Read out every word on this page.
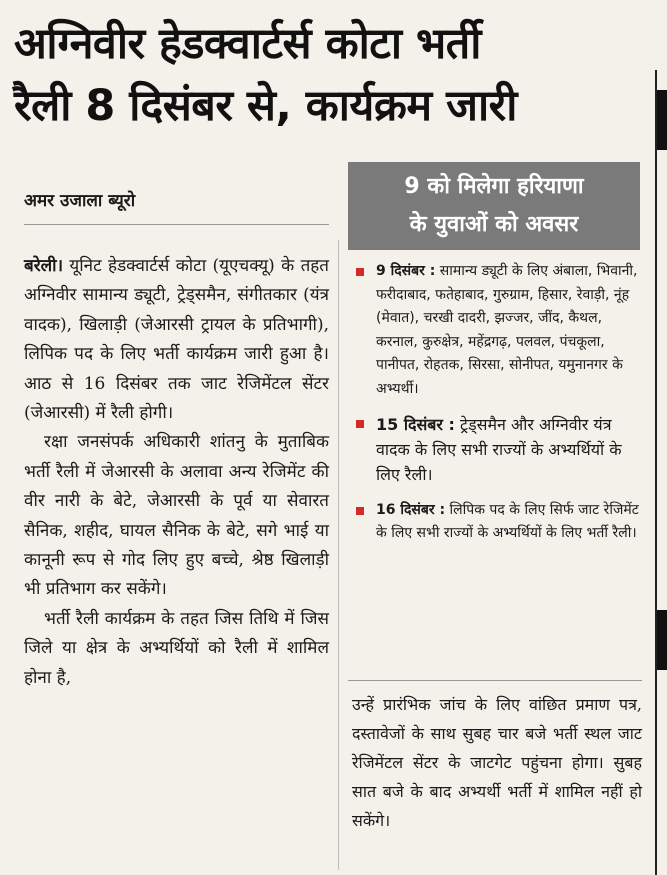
अग्निवीर हेडक्वार्टर्स कोटा भर्ती
रैली 8 दिसंबर से, कार्यक्रम जारी
अमर उजाला ब्यूरो

बरेली। यूनिट हेडक्वार्टर्स कोटा (यूएचक्यू) के तहत अग्निवीर सामान्य ड्यूटी, ट्रेड्समैन, संगीतकार (यंत्र वादक), खिलाड़ी (जेआरसी ट्रायल के प्रतिभागी), लिपिक पद के लिए भर्ती कार्यक्रम जारी हुआ है। आठ से 16 दिसंबर तक जाट रेजिमेंटल सेंटर (जेआरसी) में रैली होगी।

रक्षा जनसंपर्क अधिकारी शांतनु के मुताबिक भर्ती रैली में जेआरसी के अलावा अन्य रेजिमेंट की वीर नारी के बेटे, जेआरसी के पूर्व या सेवारत सैनिक, शहीद, घायल सैनिक के बेटे, सगे भाई या कानूनी रूप से गोद लिए हुए बच्चे, श्रेष्ठ खिलाड़ी भी प्रतिभाग कर सकेंगे।

भर्ती रैली कार्यक्रम के तहत जिस तिथि में जिस जिले या क्षेत्र के अभ्यर्थियों को रैली में शामिल होना है,

9 को मिलेगा हरियाणा
के युवाओं को अवसर
9 दिसंबर : सामान्य ड्यूटी के लिए अंबाला, भिवानी, फरीदाबाद, फतेहाबाद, गुरुग्राम, हिसार, रेवाड़ी, नूंह (मेवात), चरखी दादरी, झज्जर, जींद, कैथल, करनाल, कुरुक्षेत्र, महेंद्रगढ़, पलवल, पंचकूला, पानीपत, रोहतक, सिरसा, सोनीपत, यमुनानगर के अभ्यर्थी।
15 दिसंबर : ट्रेड्समैन और अग्निवीर यंत्र वादक के लिए सभी राज्यों के अभ्यर्थियों के लिए रैली।
16 दिसंबर : लिपिक पद के लिए सिर्फ जाट रेजिमेंट के लिए सभी राज्यों के अभ्यर्थियों के लिए भर्ती रैली।
उन्हें प्रारंभिक जांच के लिए वांछित प्रमाण पत्र, दस्तावेजों के साथ सुबह चार बजे भर्ती स्थल जाट रेजिमेंटल सेंटर के जाटगेट पहुंचना होगा। सुबह सात बजे के बाद अभ्यर्थी भर्ती में शामिल नहीं हो सकेंगे।
